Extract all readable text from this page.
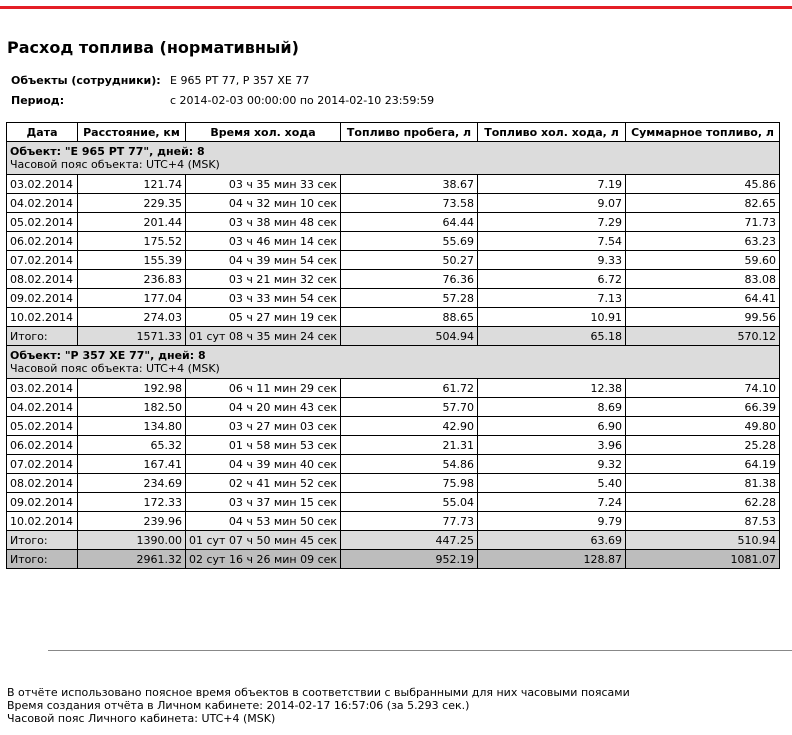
Расход топлива (нормативный)
Объекты (сотрудники):	Е 965 РТ 77, Р 357 ХЕ 77
Период:	с 2014-02-03 00:00:00 по 2014-02-10 23:59:59
Дата	Расстояние, км	Время хол. хода	Топливо пробега, л	Топливо хол. хода, л	Суммарное топливо, л

Объект: "Е 965 РТ 77", дней: 8
Часовой пояс объекта: UTC+4 (MSK)					

03.02.2014	121.74	03 ч 35 мин 33 сек	38.67	7.19	45.86
04.02.2014	229.35	04 ч 32 мин 10 сек	73.58	9.07	82.65
05.02.2014	201.44	03 ч 38 мин 48 сек	64.44	7.29	71.73
06.02.2014	175.52	03 ч 46 мин 14 сек	55.69	7.54	63.23
07.02.2014	155.39	04 ч 39 мин 54 сек	50.27	9.33	59.60
08.02.2014	236.83	03 ч 21 мин 32 сек	76.36	6.72	83.08
09.02.2014	177.04	03 ч 33 мин 54 сек	57.28	7.13	64.41
10.02.2014	274.03	05 ч 27 мин 19 сек	88.65	10.91	99.56
Итого:	1571.33	01 сут 08 ч 35 мин 24 сек	504.94	65.18	570.12

Объект: "Р 357 ХЕ 77", дней: 8
Часовой пояс объекта: UTC+4 (MSK)					

03.02.2014	192.98	06 ч 11 мин 29 сек	61.72	12.38	74.10
04.02.2014	182.50	04 ч 20 мин 43 сек	57.70	8.69	66.39
05.02.2014	134.80	03 ч 27 мин 03 сек	42.90	6.90	49.80
06.02.2014	65.32	01 ч 58 мин 53 сек	21.31	3.96	25.28
07.02.2014	167.41	04 ч 39 мин 40 сек	54.86	9.32	64.19
08.02.2014	234.69	02 ч 41 мин 52 сек	75.98	5.40	81.38
09.02.2014	172.33	03 ч 37 мин 15 сек	55.04	7.24	62.28
10.02.2014	239.96	04 ч 53 мин 50 сек	77.73	9.79	87.53
Итого:	1390.00	01 сут 07 ч 50 мин 45 сек	447.25	63.69	510.94
Итого:	2961.32	02 сут 16 ч 26 мин 09 сек	952.19	128.87	1081.07
В отчёте использовано поясное время объектов в соответствии с выбранными для них часовыми поясами
Время создания отчёта в Личном кабинете: 2014-02-17 16:57:06 (за 5.293 сек.)
Часовой пояс Личного кабинета: UTC+4 (MSK)
